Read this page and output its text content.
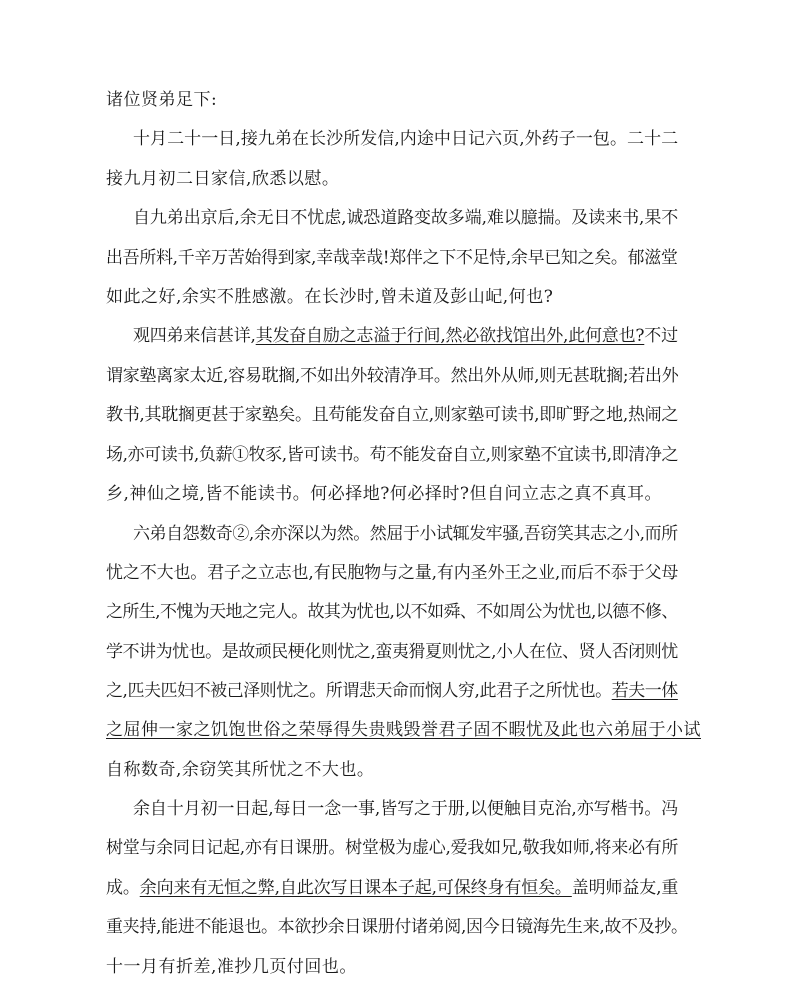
诸位贤弟足下:
十月二十一日,接九弟在长沙所发信,内途中日记六页,外药子一包。二十二
接九月初二日家信,欣悉以慰。
自九弟出京后,余无日不忧虑,诚恐道路变故多端,难以臆揣。及读来书,果不
出吾所料,千辛万苦始得到家,幸哉幸哉!郑伴之下不足恃,余早已知之矣。郁滋堂
如此之好,余实不胜感激。在长沙时,曾未道及彭山屺,何也?
观四弟来信甚详,其发奋自励之志溢于行间,然必欲找馆出外,此何意也?不过
谓家塾离家太近,容易耽搁,不如出外较清净耳。然出外从师,则无甚耽搁;若出外
教书,其耽搁更甚于家塾矣。且苟能发奋自立,则家塾可读书,即旷野之地,热闹之
场,亦可读书,负薪①牧豕,皆可读书。苟不能发奋自立,则家塾不宜读书,即清净之
乡,神仙之境,皆不能读书。何必择地?何必择时?但自问立志之真不真耳。
六弟自怨数奇②,余亦深以为然。然屈于小试辄发牢骚,吾窃笑其志之小,而所
忧之不大也。君子之立志也,有民胞物与之量,有内圣外王之业,而后不忝于父母
之所生,不愧为天地之完人。故其为忧也,以不如舜、不如周公为忧也,以德不修、
学不讲为忧也。是故顽民梗化则忧之,蛮夷猾夏则忧之,小人在位、贤人否闭则忧
之,匹夫匹妇不被己泽则忧之。所谓悲天命而悯人穷,此君子之所忧也。若夫一体
之屈伸一家之饥饱世俗之荣辱得失贵贱毁誉君子固不暇忧及此也六弟屈于小试
自称数奇,余窃笑其所忧之不大也。
余自十月初一日起,每日一念一事,皆写之于册,以便触目克治,亦写楷书。冯
树堂与余同日记起,亦有日课册。树堂极为虚心,爱我如兄,敬我如师,将来必有所
成。余向来有无恒之弊,自此次写日课本子起,可保终身有恒矣。盖明师益友,重
重夹持,能进不能退也。本欲抄余日课册付诸弟阅,因今日镜海先生来,故不及抄。
十一月有折差,准抄几页付回也。
